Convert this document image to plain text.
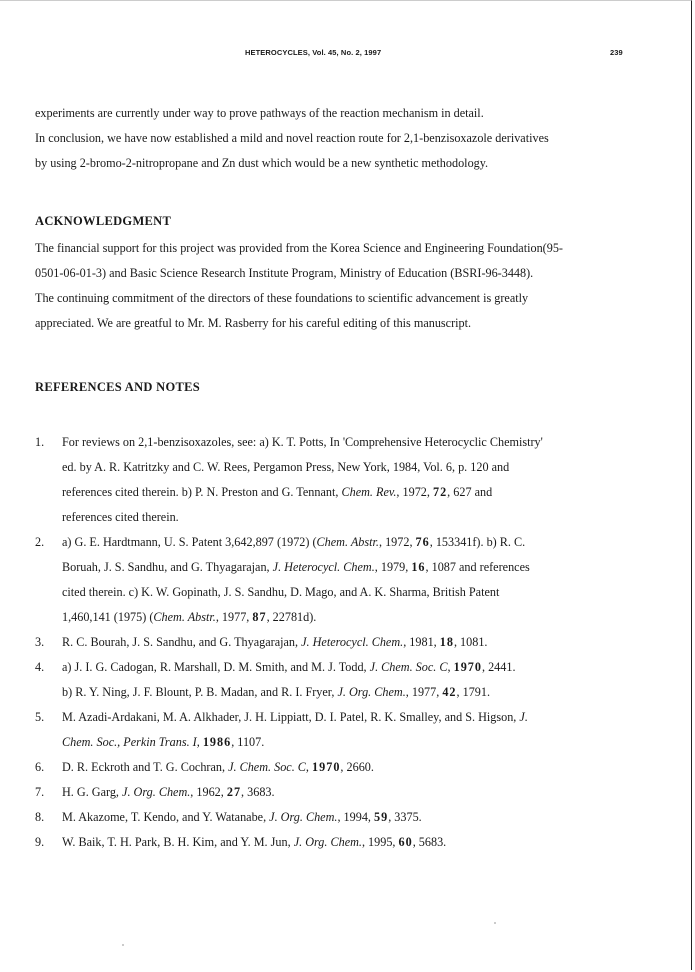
HETEROCYCLES, Vol. 45, No. 2, 1997	239
experiments are currently under way to prove pathways of the reaction mechanism in detail.
In conclusion, we have now established a mild and novel reaction route for 2,1-benzisoxazole derivatives
by using 2-bromo-2-nitropropane and Zn dust which would be a new synthetic methodology.
ACKNOWLEDGMENT
The financial support for this project was provided from the Korea Science and Engineering Foundation(95-
0501-06-01-3) and Basic Science Research Institute Program, Ministry of Education (BSRI-96-3448).
The continuing commitment of the directors of these foundations to scientific advancement is greatly
appreciated. We are greatful to Mr. M. Rasberry for his careful editing of this manuscript.
REFERENCES AND NOTES
1. For reviews on 2,1-benzisoxazoles, see: a) K. T. Potts, In 'Comprehensive Heterocyclic Chemistry'
ed. by A. R. Katritzky and C. W. Rees, Pergamon Press, New York, 1984, Vol. 6, p. 120 and
references cited therein. b) P. N. Preston and G. Tennant, Chem. Rev., 1972, 72, 627 and
references cited therein.
2. a) G. E. Hardtmann, U. S. Patent 3,642,897 (1972) (Chem. Abstr., 1972, 76, 153341f). b) R. C.
Boruah, J. S. Sandhu, and G. Thyagarajan, J. Heterocycl. Chem., 1979, 16, 1087 and references
cited therein. c) K. W. Gopinath, J. S. Sandhu, D. Mago, and A. K. Sharma, British Patent
1,460,141 (1975) (Chem. Abstr., 1977, 87, 22781d).
3. R. C. Bourah, J. S. Sandhu, and G. Thyagarajan, J. Heterocycl. Chem., 1981, 18, 1081.
4. a) J. I. G. Cadogan, R. Marshall, D. M. Smith, and M. J. Todd, J. Chem. Soc. C, 1970, 2441.
b) R. Y. Ning, J. F. Blount, P. B. Madan, and R. I. Fryer, J. Org. Chem., 1977, 42, 1791.
5. M. Azadi-Ardakani, M. A. Alkhader, J. H. Lippiatt, D. I. Patel, R. K. Smalley, and S. Higson, J.
Chem. Soc., Perkin Trans. I, 1986, 1107.
6. D. R. Eckroth and T. G. Cochran, J. Chem. Soc. C, 1970, 2660.
7. H. G. Garg, J. Org. Chem., 1962, 27, 3683.
8. M. Akazome, T. Kendo, and Y. Watanabe, J. Org. Chem., 1994, 59, 3375.
9. W. Baik, T. H. Park, B. H. Kim, and Y. M. Jun, J. Org. Chem., 1995, 60, 5683.
